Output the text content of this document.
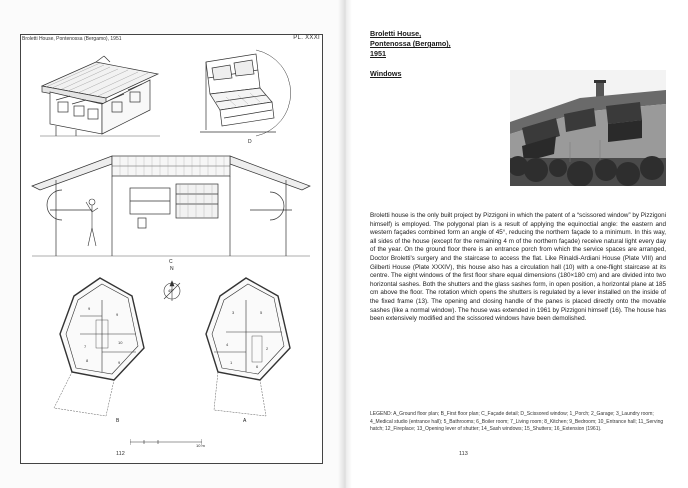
Broletti House, Pontenossa (Bergamo), 1951	PL. XXXI
D
C
N
45°
9
9
7
10
8	9
B
3	5
4
2
1
6
A
10 m
112
Broletti House,
Pontenossa (Bergamo),
1951
Windows
Broletti house is the only built project by Pizzigoni in which the patent of a “scissored window” by Pizzigoni himself) is employed. The polygonal plan is a result of applying the equinoctial angle: the eastern and western façades combined form an angle of 45°, reducing the northern façade to a minimum. In this way, all sides of the house (except for the remaining 4 m of the northern façade) receive natural light every day of the year. On the ground floor there is an entrance porch from which the service spaces are arranged, Doctor Broletti's surgery and the staircase to access the flat. Like Rinaldi-Ardiani House (Plate VIII) and Gilberti House (Plate XXXIV), this house also has a circulation hall (10) with a one-flight staircase at its centre. The eight windows of the first floor share equal dimensions (180×180 cm) and are divided into two horizontal sashes. Both the shutters and the glass sashes form, in open position, a horizontal plane at 185 cm above the floor. The rotation which opens the shutters is regulated by a lever installed on the inside of the fixed frame (13). The opening and closing handle of the panes is placed directly onto the movable sashes (like a normal window). The house was extended in 1961 by Pizzigoni himself (16). The house has been extensively modified and the scissored windows have been demolished.
LEGEND: A_Ground floor plan; B_First floor plan; C_Façade detail; D_Scissored window; 1_Porch; 2_Garage; 3_Laundry room; 4_Medical studio (entrance hall); 5_Bathrooms; 6_Boiler room; 7_Living room; 8_Kitchen; 9_Bedroom; 10_Entrance hall; 11_Serving hatch; 12_Fireplace; 13_Opening lever of shutter; 14_Sash windows; 15_Shutters; 16_Extension (1961).
113
